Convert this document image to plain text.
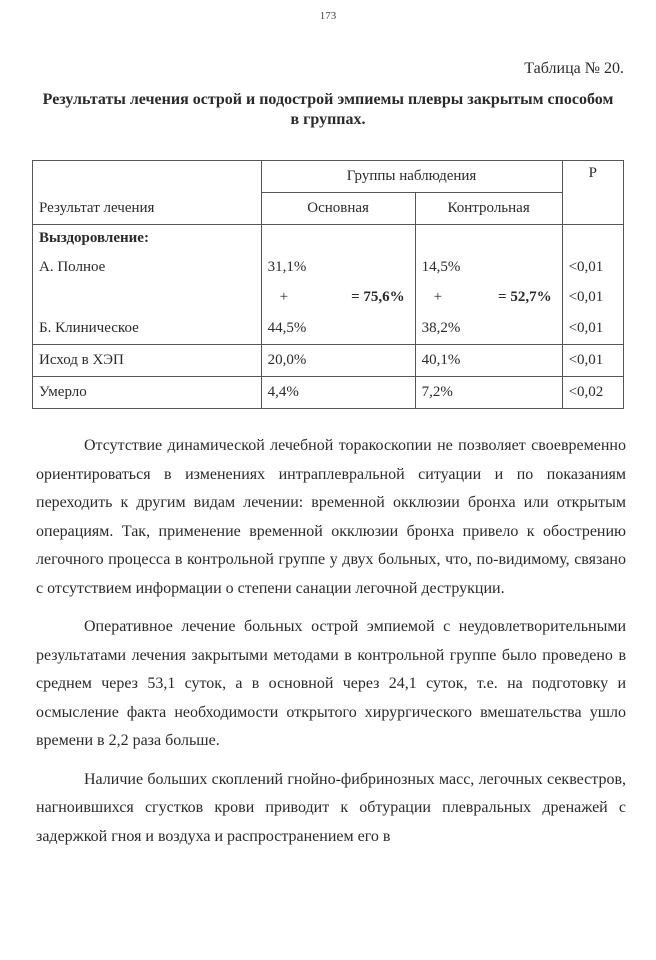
173
Таблица № 20.
Результаты лечения острой и подострой эмпиемы плевры закрытым способом в группах.
	Группы наблюдения		Р
Результат лечения	Основная	Контрольная	
Выздоровление:			
А. Полное	31,1%	14,5%	<0,01

	+ = 75,6%	+ = 52,7%	<0,01
Б. Клиническое	44,5%	38,2%	<0,01
Исход в ХЭП	20,0%	40,1%	<0,01
Умерло	4,4%	7,2%	<0,02

Отсутствие динамической лечебной торакоскопии не позволяет своевременно ориентироваться в изменениях интраплевральной ситуации и по показаниям переходить к другим видам лечении: временной окклюзии бронха или открытым операциям. Так, применение временной окклюзии бронха привело к обострению легочного процесса в контрольной группе у двух больных, что, по-видимому, связано с отсутствием информации о степени санации легочной деструкции.

Оперативное лечение больных острой эмпиемой с неудовлетворительными результатами лечения закрытыми методами в контрольной группе было проведено в среднем через 53,1 суток, а в основной через 24,1 суток, т.е. на подготовку и осмысление факта необходимости открытого хирургического вмешательства ушло времени в 2,2 раза больше.

Наличие больших скоплений гнойно-фибринозных масс, легочных секвестров, нагноившихся сгустков крови приводит к обтурации плевральных дренажей с задержкой гноя и воздуха и распространением его в
